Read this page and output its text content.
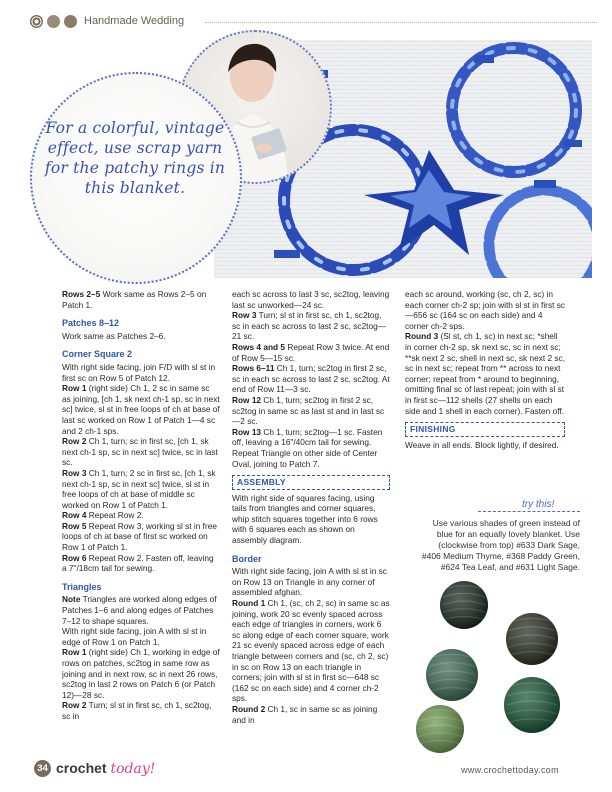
Handmade Wedding
For a colorful, vintage effect, use scrap yarn for the patchy rings in this blanket.

Rows 2–5 Work same as Rows 2–5 on Patch 1.

Patches 8–12

Work same as Patches 2–6.

Corner Square 2

With right side facing, join F/D with sl st in first sc on Row 5 of Patch 12.

Row 1 (right side) Ch 1, 2 sc in same sc as joining, [ch 1, sk next ch-1 sp, sc in next sc] twice, sl st in free loops of ch at base of last sc worked on Row 1 of Patch 1—4 sc and 2 ch-1 sps.

Row 2 Ch 1, turn; sc in first sc, [ch 1, sk next ch-1 sp, sc in next sc] twice, sc in last sc.

Row 3 Ch 1, turn; 2 sc in first sc, [ch 1, sk next ch-1 sp, sc in next sc] twice, sl st in free loops of ch at base of middle sc worked on Row 1 of Patch 1.

Row 4 Repeat Row 2.

Row 5 Repeat Row 3, working sl st in free loops of ch at base of first sc worked on Row 1 of Patch 1.

Row 6 Repeat Row 2. Fasten off, leaving a 7"/18cm tail for sewing.

Triangles

Note Triangles are worked along edges of Patches 1–6 and along edges of Patches 7–12 to shape squares.

With right side facing, join A with sl st in edge of Row 1 on Patch 1.

Row 1 (right side) Ch 1, working in edge of rows on patches, sc2tog in same row as joining and in next row, sc in next 26 rows, sc2tog in last 2 rows on Patch 6 (or Patch 12)—28 sc.

Row 2 Turn; sl st in first sc, ch 1, sc2tog, sc in

each sc across to last 3 sc, sc2tog, leaving last sc unworked—24 sc.

Row 3 Turn; sl st in first sc, ch 1, sc2tog, sc in each sc across to last 2 sc, sc2tog—21 sc.

Rows 4 and 5 Repeat Row 3 twice. At end of Row 5—15 sc.

Rows 6–11 Ch 1, turn; sc2tog in first 2 sc, sc in each sc across to last 2 sc, sc2tog. At end of Row 11—3 sc.

Row 12 Ch 1, turn; sc2tog in first 2 sc, sc2tog in same sc as last st and in last sc—2 sc.

Row 13 Ch 1, turn; sc2tog—1 sc. Fasten off, leaving a 16"/40cm tail for sewing.

Repeat Triangle on other side of Center Oval, joining to Patch 7.

ASSEMBLY

With right side of squares facing, using tails from triangles and corner squares, whip stitch squares together into 6 rows with 6 squares each as shown on assembly diagram.

Border

With right side facing, join A with sl st in sc on Row 13 on Triangle in any corner of assembled afghan.

Round 1 Ch 1, (sc, ch 2, sc) in same sc as joining, work 20 sc evenly spaced across each edge of triangles in corners, work 6 sc along edge of each corner square, work 21 sc evenly spaced across edge of each triangle between corners and (sc, ch 2, sc) in sc on Row 13 on each triangle in corners; join with sl st in first sc—648 sc (162 sc on each side) and 4 corner ch-2 sps.

Round 2 Ch 1, sc in same sc as joining and in

each sc around, working (sc, ch 2, sc) in each corner ch-2 sp; join with sl st in first sc—656 sc (164 sc on each side) and 4 corner ch-2 sps.

Round 3 (Sl st, ch 1, sc) in next sc; *shell in corner ch-2 sp, sk next sc, sc in next sc; **sk next 2 sc, shell in next sc, sk next 2 sc, sc in next sc; repeat from ** across to next corner; repeat from * around to beginning, omitting final sc of last repeat; join with sl st in first sc—112 shells (27 shells on each side and 1 shell in each corner). Fasten off.

FINISHING

Weave in all ends. Block lightly, if desired.

try this!
Use various shades of green instead of blue for an equally lovely blanket. Use (clockwise from top) #633 Dark Sage, #406 Medium Thyme, #368 Paddy Green, #624 Tea Leaf, and #631 Light Sage.
34 crochet today!	www.crochettoday.com
